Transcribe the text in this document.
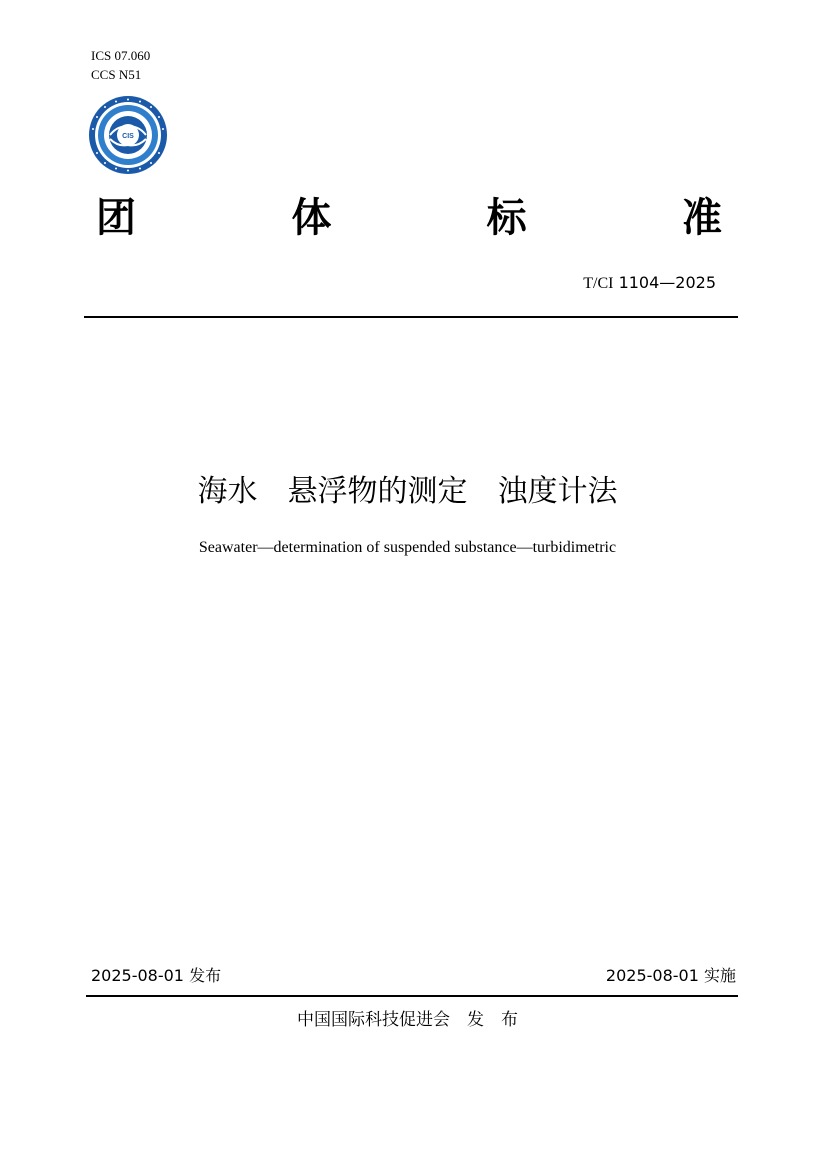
ICS 07.060
CCS N51
CIS
团	体	标	准
T/CI 1104—2025
海水　悬浮物的测定　浊度计法
Seawater—determination of suspended substance—turbidimetric
2025-08-01 发布	2025-08-01 实施
中国国际科技促进会　发　布
